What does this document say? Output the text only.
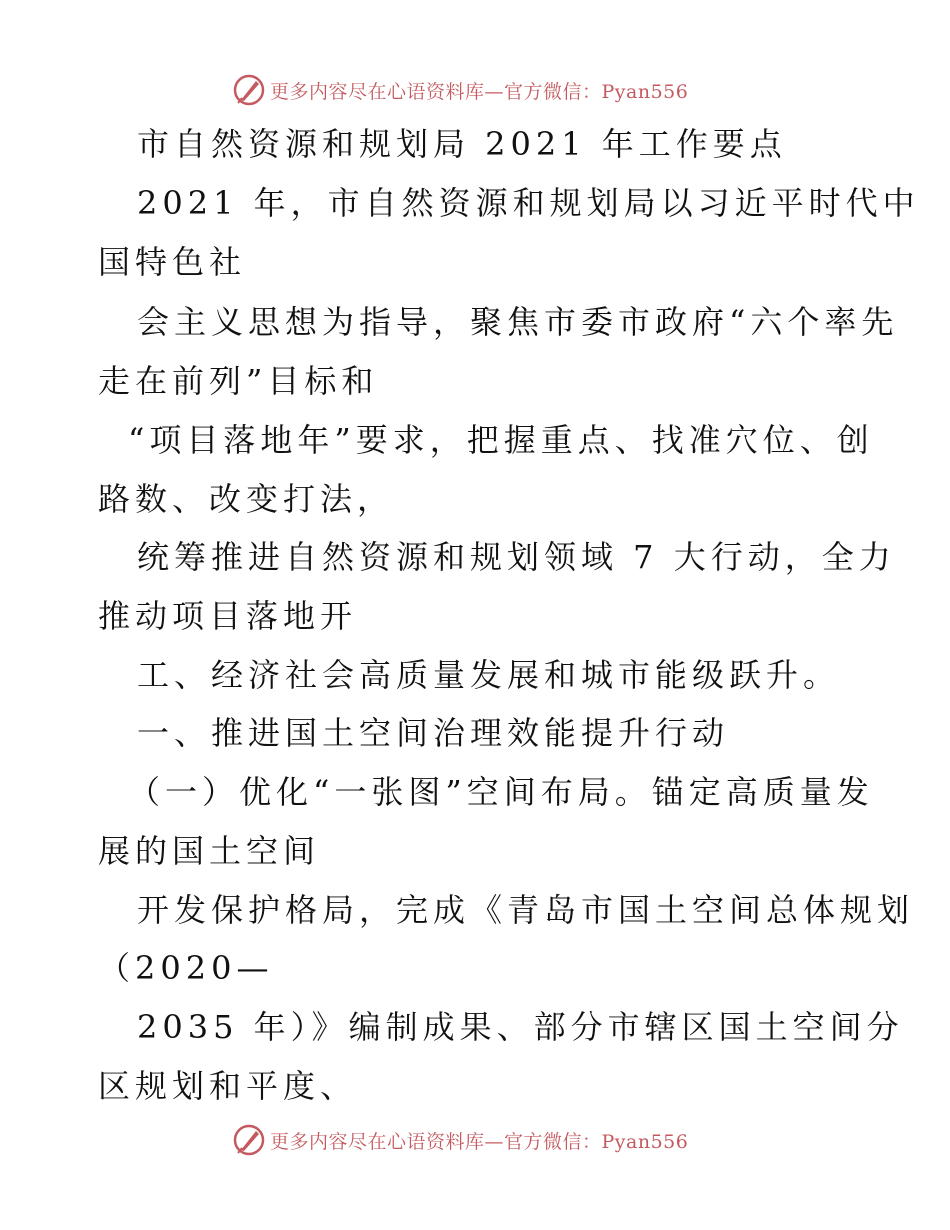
更多内容尽在心语资料库—官方微信：Pyan556
市自然资源和规划局 2021 年工作要点
2021 年，市自然资源和规划局以习近平时代中
国特色社
会主义思想为指导，聚焦市委市政府“六个率先
走在前列”目标和
“项目落地年”要求，把握重点、找准穴位、创
路数、改变打法，
统筹推进自然资源和规划领域 7 大行动，全力
推动项目落地开
工、经济社会高质量发展和城市能级跃升。
一、推进国土空间治理效能提升行动
（一）优化“一张图”空间布局。锚定高质量发
展的国土空间
开发保护格局，完成《青岛市国土空间总体规划
（2020—
2035 年）》编制成果、部分市辖区国土空间分
区规划和平度、
更多内容尽在心语资料库—官方微信：Pyan556
